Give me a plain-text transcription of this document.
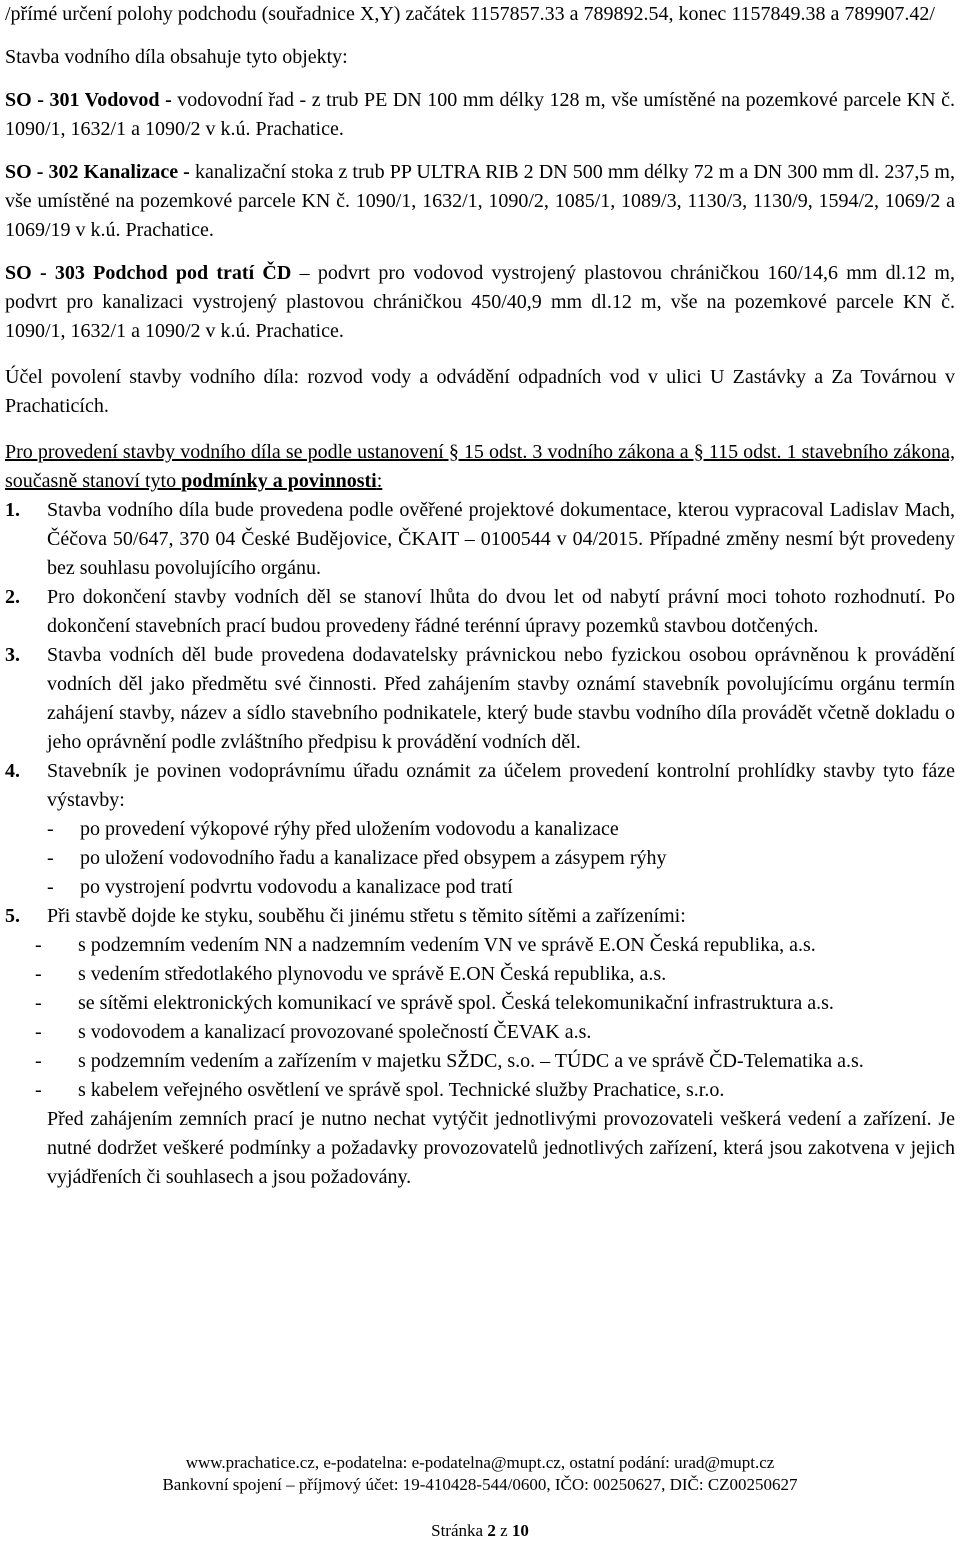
/přímé určení polohy podchodu (souřadnice X,Y) začátek 1157857.33 a 789892.54, konec 1157849.38 a 789907.42/

Stavba vodního díla obsahuje tyto objekty:

SO - 301 Vodovod - vodovodní řad - z trub PE DN 100 mm délky 128 m, vše umístěné na pozemkové parcele KN č. 1090/1, 1632/1 a 1090/2 v k.ú. Prachatice.

SO - 302 Kanalizace - kanalizační stoka z trub PP ULTRA RIB 2 DN 500 mm délky 72 m a DN 300 mm dl. 237,5 m, vše umístěné na pozemkové parcele KN č. 1090/1, 1632/1, 1090/2, 1085/1, 1089/3, 1130/3, 1130/9, 1594/2, 1069/2 a 1069/19 v k.ú. Prachatice.

SO - 303 Podchod pod tratí ČD – podvrt pro vodovod vystrojený plastovou chráničkou 160/14,6 mm dl.12 m, podvrt pro kanalizaci vystrojený plastovou chráničkou 450/40,9 mm dl.12 m, vše na pozemkové parcele KN č. 1090/1, 1632/1 a 1090/2 v k.ú. Prachatice.

Účel povolení stavby vodního díla: rozvod vody a odvádění odpadních vod v ulici U Zastávky a Za Továrnou v Prachaticích.

Pro provedení stavby vodního díla se podle ustanovení § 15 odst. 3 vodního zákona a § 115 odst. 1 stavebního zákona, současně stanoví tyto podmínky a povinnosti:

1. Stavba vodního díla bude provedena podle ověřené projektové dokumentace, kterou vypracoval Ladislav Mach, Čéčova 50/647, 370 04 České Budějovice, ČKAIT – 0100544 v 04/2015. Případné změny nesmí být provedeny bez souhlasu povolujícího orgánu.
2. Pro dokončení stavby vodních děl se stanoví lhůta do dvou let od nabytí právní moci tohoto rozhodnutí. Po dokončení stavebních prací budou provedeny řádné terénní úpravy pozemků stavbou dotčených.
3. Stavba vodních děl bude provedena dodavatelsky právnickou nebo fyzickou osobou oprávněnou k provádění vodních děl jako předmětu své činnosti. Před zahájením stavby oznámí stavebník povolujícímu orgánu termín zahájení stavby, název a sídlo stavebního podnikatele, který bude stavbu vodního díla provádět včetně dokladu o jeho oprávnění podle zvláštního předpisu k provádění vodních děl.
4. Stavebník je povinen vodoprávnímu úřadu oznámit za účelem provedení kontrolní prohlídky stavby tyto fáze výstavby:
- po provedení výkopové rýhy před uložením vodovodu a kanalizace
- po uložení vodovodního řadu a kanalizace před obsypem a zásypem rýhy
- po vystrojení podvrtu vodovodu a kanalizace pod tratí
5. Při stavbě dojde ke styku, souběhu či jinému střetu s těmito sítěmi a zařízeními:
- s podzemním vedením NN a nadzemním vedením VN ve správě E.ON Česká republika, a.s.
- s vedením středotlakého plynovodu ve správě E.ON Česká republika, a.s.
- se sítěmi elektronických komunikací ve správě spol. Česká telekomunikační infrastruktura a.s.
- s vodovodem a kanalizací provozované společností ČEVAK a.s.
- s podzemním vedením a zařízením v majetku SŽDC, s.o. – TÚDC a ve správě ČD-Telematika a.s.
- s kabelem veřejného osvětlení ve správě spol. Technické služby Prachatice, s.r.o.

Před zahájením zemních prací je nutno nechat vytýčit jednotlivými provozovateli veškerá vedení a zařízení. Je nutné dodržet veškeré podmínky a požadavky provozovatelů jednotlivých zařízení, která jsou zakotvena v jejich vyjádřeních či souhlasech a jsou požadovány.

www.prachatice.cz, e-podatelna: e-podatelna@mupt.cz, ostatní podání: urad@mupt.cz
Bankovní spojení – příjmový účet: 19-410428-544/0600, IČO: 00250627, DIČ: CZ00250627
Stránka 2 z 10
